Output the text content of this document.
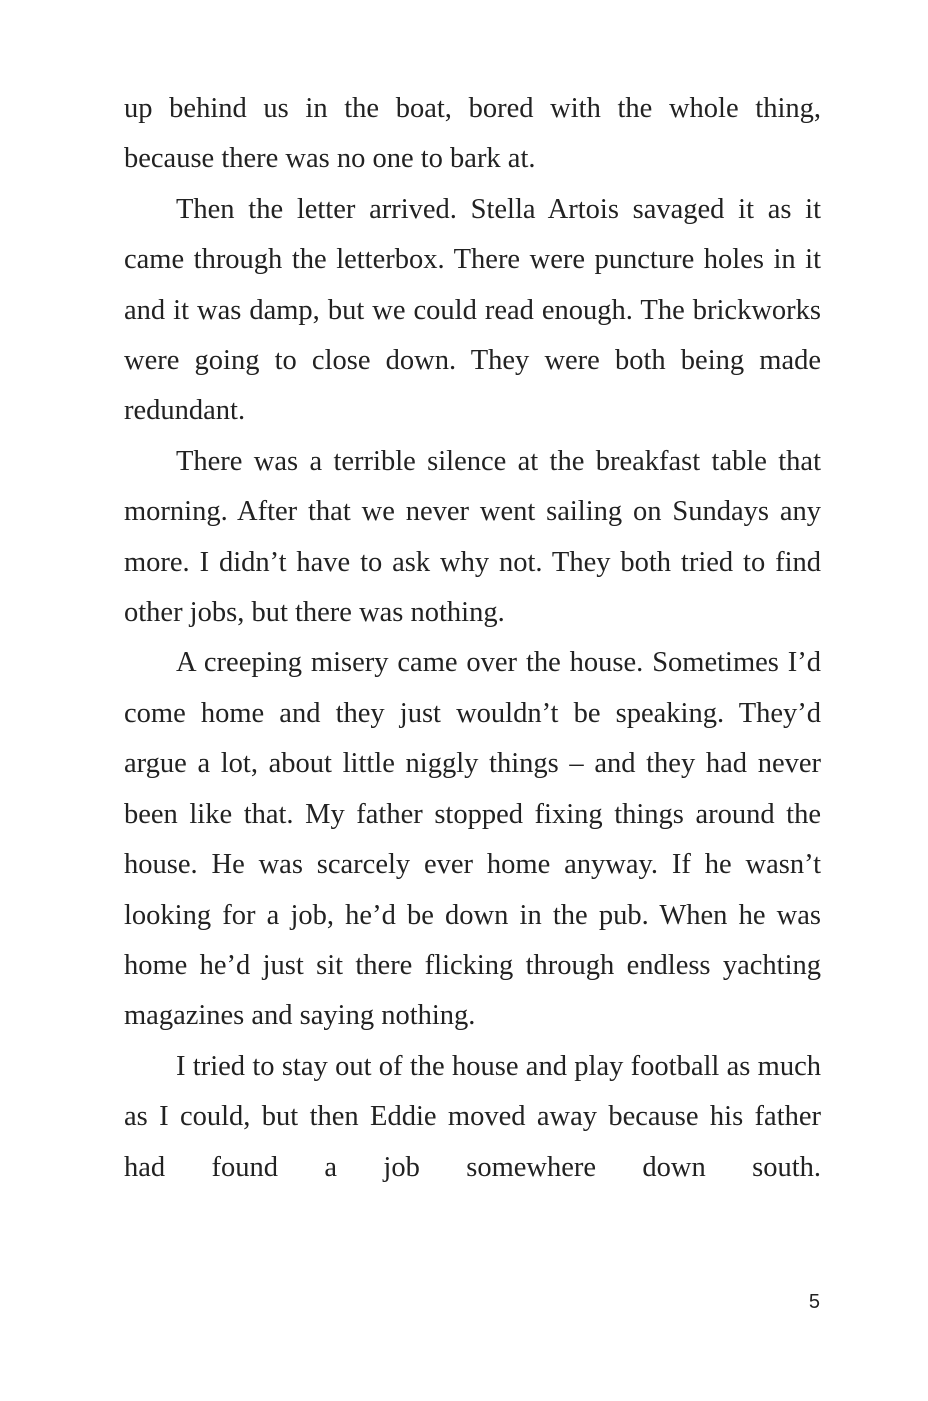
up behind us in the boat, bored with the whole thing, because there was no one to bark at.

Then the letter arrived. Stella Artois savaged it as it came through the letterbox. There were puncture holes in it and it was damp, but we could read enough. The brickworks were going to close down. They were both being made redundant.

There was a terrible silence at the breakfast table that morning. After that we never went sailing on Sundays any more. I didn’t have to ask why not. They both tried to find other jobs, but there was nothing.

A creeping misery came over the house. Sometimes I’d come home and they just wouldn’t be speaking. They’d argue a lot, about little niggly things – and they had never been like that. My father stopped fixing things around the house. He was scarcely ever home anyway. If he wasn’t looking for a job, he’d be down in the pub. When he was home he’d just sit there flicking through endless yachting magazines and saying nothing.

I tried to stay out of the house and play football as much as I could, but then Eddie moved away because his father had found a job somewhere down south.

5
